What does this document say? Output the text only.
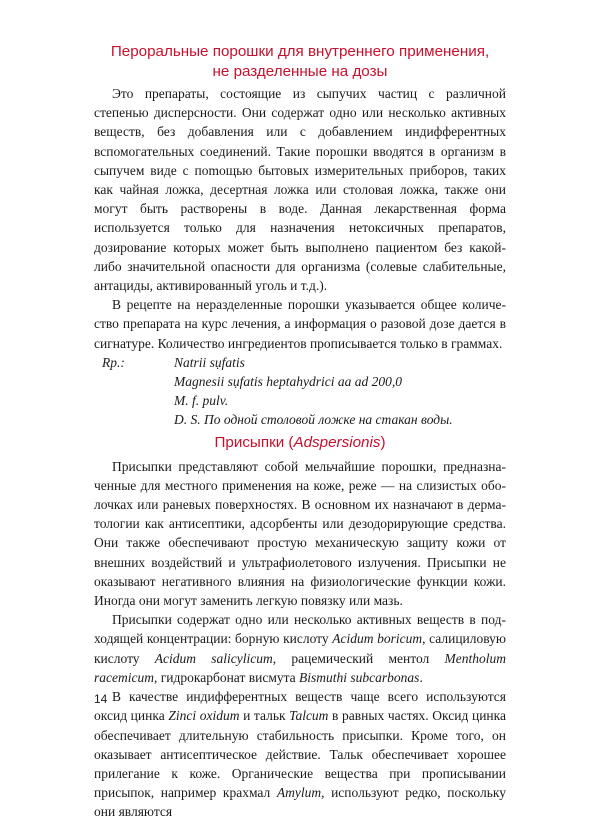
Пероральные порошки для внутреннего применения,
не разделенные на дозы

Это препараты, состоящие из сыпучих частиц с различной степенью дисперсности. Они содержат одно или несколько активных веществ, без добавления или с добавлением индифферентных вспомогательных соединений. Такие порошки вводятся в организм в сыпучем виде с поmощью бытовых измерительных приборов, таких как чайная ложка, десертная ложка или столовая ложка, также они могут быть растворены в воде. Данная лекарственная форма используется только для назначения нетоксичных препаратов, дозирование которых может быть выполнено пациентом без какой-либо значительной опасности для организма (солевые слабительные, антациды, активированный уголь и т.д.).

В рецепте на неразделенные порошки указывается общее количество препарата на курс лечения, а информация о разовой дозе дается в сигнатуре. Количество ингредиентов прописывается только в граммах.

Rp.:	Natrii sụfatis
Magnesii sụfatis hеptahydrici aa ad 200,0
M. f. pulv.
D. S. По одной столовой ложке на стакан воды.
Присыпки (Adspersionis)

Присыпки представляют собой мельчайшие порошки, предназначенные для местного применения на коже, реже — на слизистых оболочках или раневых поверхностях. В основном их назначают в дерматологии как антисептики, адсорбенты или дезодорирующие средства. Они также обеспечивают простую механическую защиту кожи от внешних воздействий и ультрафиолетового излучения. Присыпки не оказывают негативного влияния на физиологические функции кожи. Иногда они могут заменить легкую повязку или мазь.

Присыпки содержат одно или несколько активных веществ в подходящей концентрации: борную кислоту Acidum boricum, салициловую кислоту Acidum salicylicum, рацемический ментол Mentholum racemicum, гидрокарбонат висмута Bismuthi subcarbonas.

В качестве индифферентных веществ чаще всего используются оксид цинка Zinci oxidum и тальк Talcum в равных частях. Оксид цинка обеспечивает длительную стабильность присыпки. Кроме того, он оказывает антисептическое действие. Тальк обеспечивает хорошее прилегание к коже. Органические вещества при прописывании присыпок, например крахмал Amylum, используют редко, поскольку они являются

14
